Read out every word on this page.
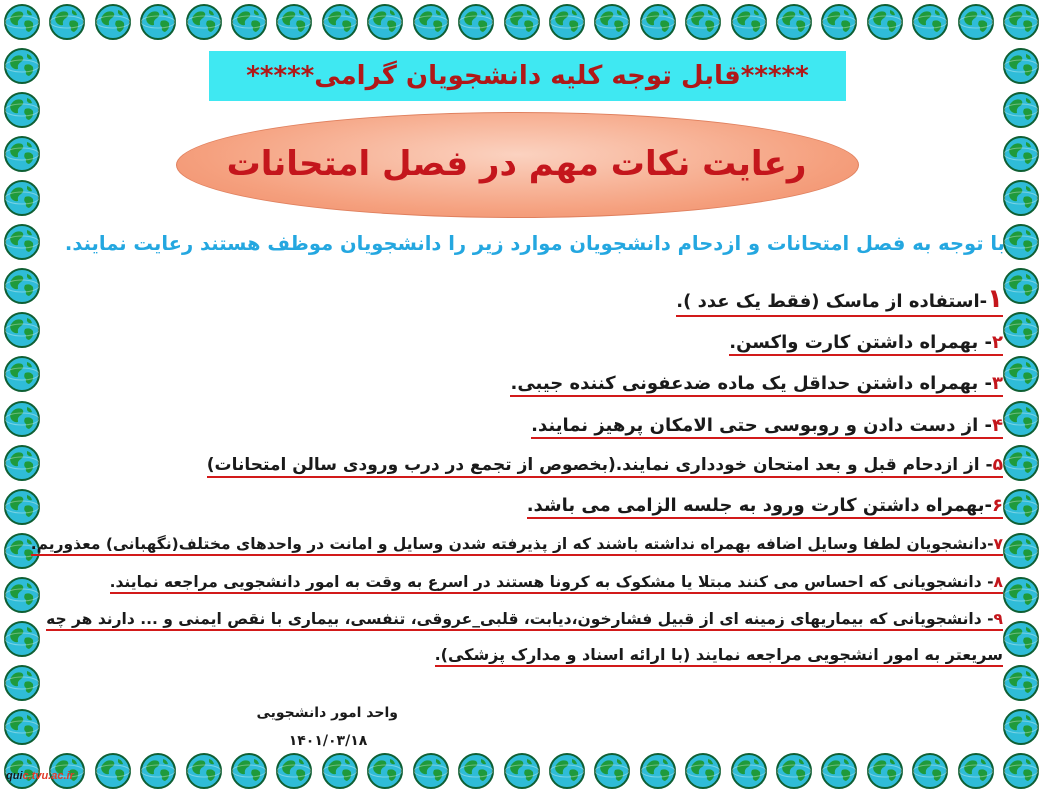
*****قابل توجه کلیه دانشجویان گرامی*****
رعایت نکات مهم در فصل امتحانات
با توجه به فصل امتحانات و ازدحام دانشجویان موارد زیر را دانشجویان موظف هستند رعایت نمایند.
۱-استفاده از ماسک (فقط یک عدد ).
۲- بهمراه داشتن کارت واکسن.
۳- بهمراه داشتن حداقل یک ماده ضدعفونی کننده جیبی.
۴- از دست دادن و روبوسی حتی الامکان پرهیز نمایند.
۵- از ازدحام قبل و بعد امتحان خودداری نمایند.(بخصوص از تجمع در درب ورودی سالن امتحانات)
۶-بهمراه داشتن کارت ورود به جلسه الزامی می باشد.
۷-دانشجویان لطفا وسایل اضافه بهمراه نداشته باشند که از پذیرفته شدن وسایل و امانت در واحدهای مختلف(نگهبانی) معذوریم.
۸- دانشجویانی که احساس می کنند مبتلا یا مشکوک به کرونا هستند در اسرع به وقت به امور دانشجویی مراجعه نمایند.
۹- دانشجویانی که بیماریهای زمینه ای از قبیل فشارخون،دیابت، قلبی_عروقی، تنفسی، بیماری با نقص ایمنی و ... دارند هر چه
سریعتر به امور انشجویی مراجعه نمایند (با ارائه اسناد و مدارک پزشکی).
واحد امور دانشجویی
۱۴۰۱/۰۳/۱۸
quic.tvu.ac.ir
